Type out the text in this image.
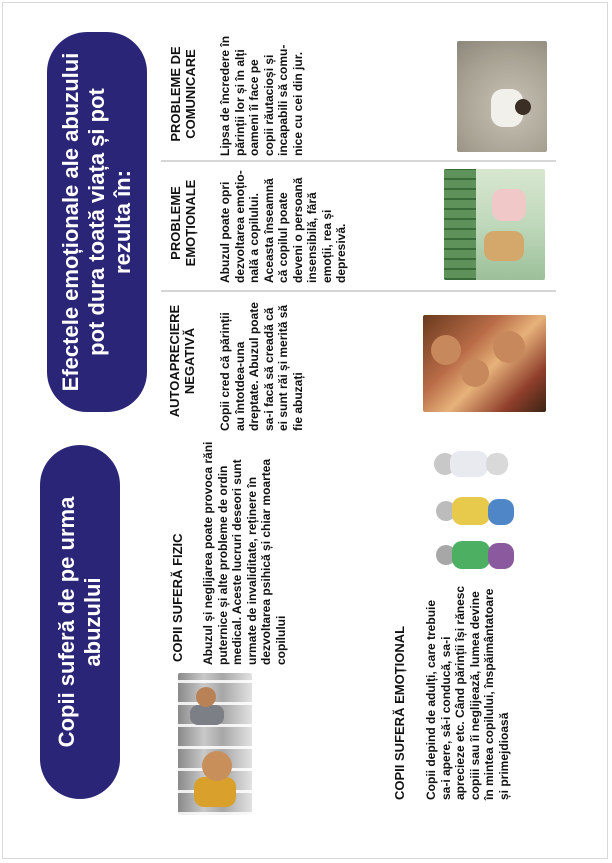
Copii suferă de pe urma abuzului	COPII SUFERĂ FIZIC Abuzul și neglijarea poate provoca răni puternice și alte probleme de ordin medical. Aceste lucruri deseori sunt urmate de invaliditate, reținere în dezvoltarea psihică și chiar moartea copilului	COPII SUFERĂ EMOȚIONAL Copii depind de adulți, care trebuie sa-i apere, să-i conducă, sa-i aprecieze etc. Când părinții își rănesc copiii sau îi neglijează, lumea devine în mintea copilului, înspăimântatoare și primejdioasă
Efectele emoționale ale abuzului pot dura toată viața și pot rezulta în:
AUTOAPRECIERE NEGATIVĂ	Copii cred că părinții au întotdea-una dreptate. Abuzul poate sa-i facă să creadă că ei sunt răi și merită să fie abuzați
PROBLEME EMOȚIONALE	Abuzul poate opri dezvoltarea emoțio-nală a copilului. Aceasta înseamnă că copilul poate deveni o persoană insensibilă, fără emoții, rea și depresivă.
PROBLEME DE COMUNICARE	Lipsa de încredere în părinții lor și în alți oameni îi face pe copii răutacioși și incapabili să comu-nice cu cei din jur.
